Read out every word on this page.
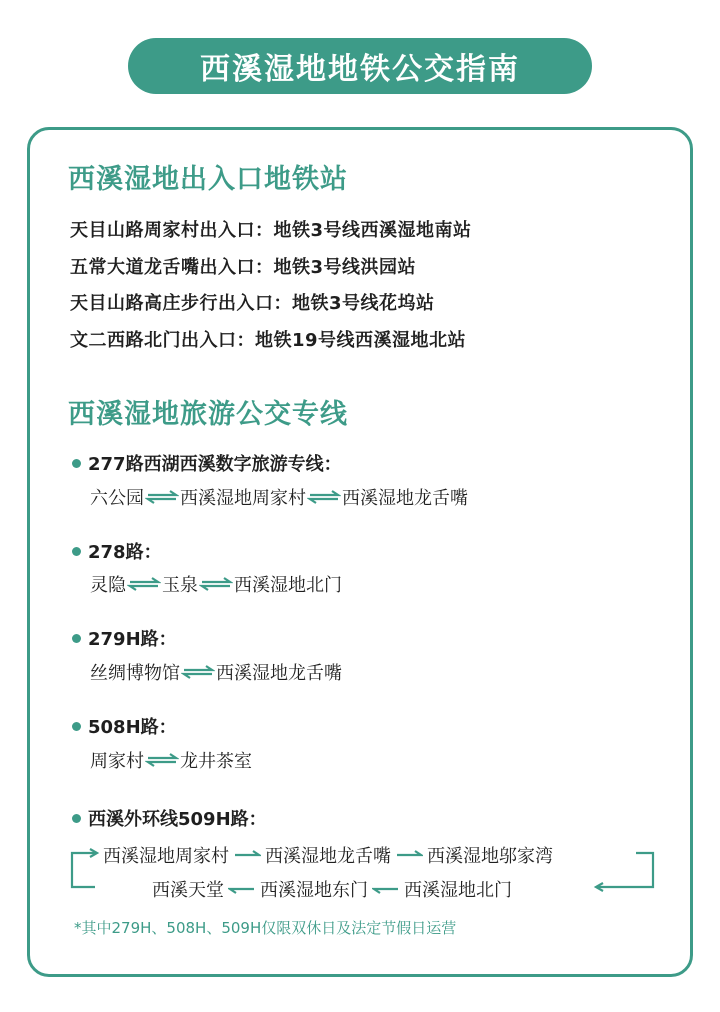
西溪湿地地铁公交指南
西溪湿地出入口地铁站
天目山路周家村出入口：地铁3号线西溪湿地南站
五常大道龙舌嘴出入口：地铁3号线洪园站
天目山路高庄步行出入口：地铁3号线花坞站
文二西路北门出入口：地铁19号线西溪湿地北站
西溪湿地旅游公交专线
277路西湖西溪数字旅游专线：
六公园 西溪湿地周家村 西溪湿地龙舌嘴
278路：
灵隐 玉泉 西溪湿地北门
279H路：
丝绸博物馆 西溪湿地龙舌嘴
508H路：
周家村 龙井茶室
西溪外环线509H路：
西溪湿地周家村 西溪湿地龙舌嘴 西溪湿地邬家湾
西溪天堂 西溪湿地东门 西溪湿地北门
*其中279H、508H、509H仅限双休日及法定节假日运营
